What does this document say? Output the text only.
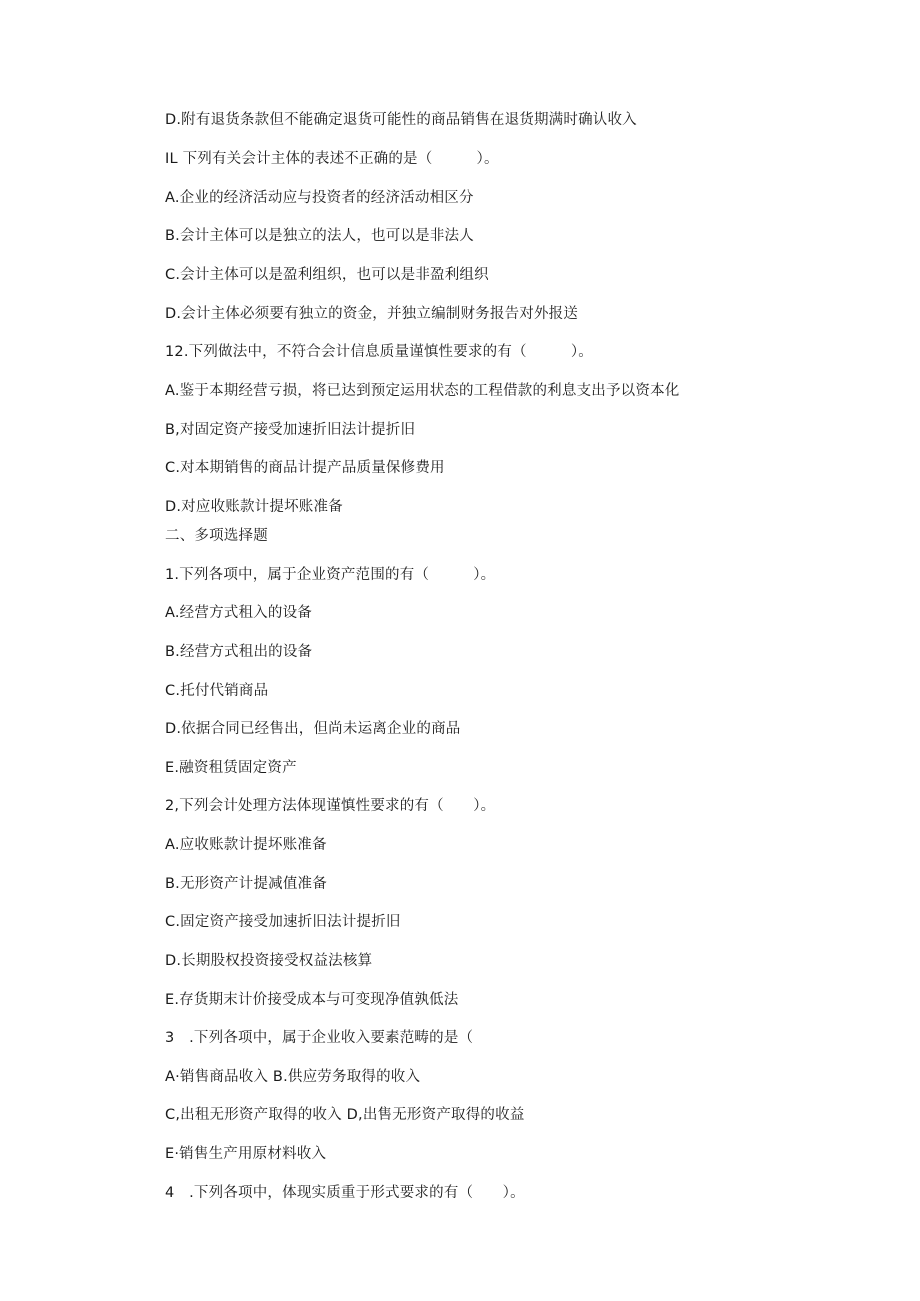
D.附有退货条款但不能确定退货可能性的商品销售在退货期满时确认收入
IL 下列有关会计主体的表述不正确的是（　　　）。
A.企业的经济活动应与投资者的经济活动相区分
B.会计主体可以是独立的法人，也可以是非法人
C.会计主体可以是盈利组织，也可以是非盈利组织
D.会计主体必须要有独立的资金，并独立编制财务报告对外报送
12.下列做法中，不符合会计信息质量谨慎性要求的有（　　　）。
A.鉴于本期经营亏损，将已达到预定运用状态的工程借款的利息支出予以资本化
B,对固定资产接受加速折旧法计提折旧
C.对本期销售的商品计提产品质量保修费用
D.对应收账款计提坏账准备
二、多项选择题
1.下列各项中，属于企业资产范围的有（　　　）。
A.经营方式租入的设备
B.经营方式租出的设备
C.托付代销商品
D.依据合同已经售出，但尚未运离企业的商品
E.融资租赁固定资产
2,下列会计处理方法体现谨慎性要求的有（　　）。
A.应收账款计提坏账准备
B.无形资产计提减值准备
C.固定资产接受加速折旧法计提折旧
D.长期股权投资接受权益法核算
E.存货期末计价接受成本与可变现净值孰低法
3　.下列各项中，属于企业收入要素范畴的是（
A·销售商品收入 B.供应劳务取得的收入
C,出租无形资产取得的收入 D,出售无形资产取得的收益
E·销售生产用原材料收入
4　.下列各项中，体现实质重于形式要求的有（　　）。
